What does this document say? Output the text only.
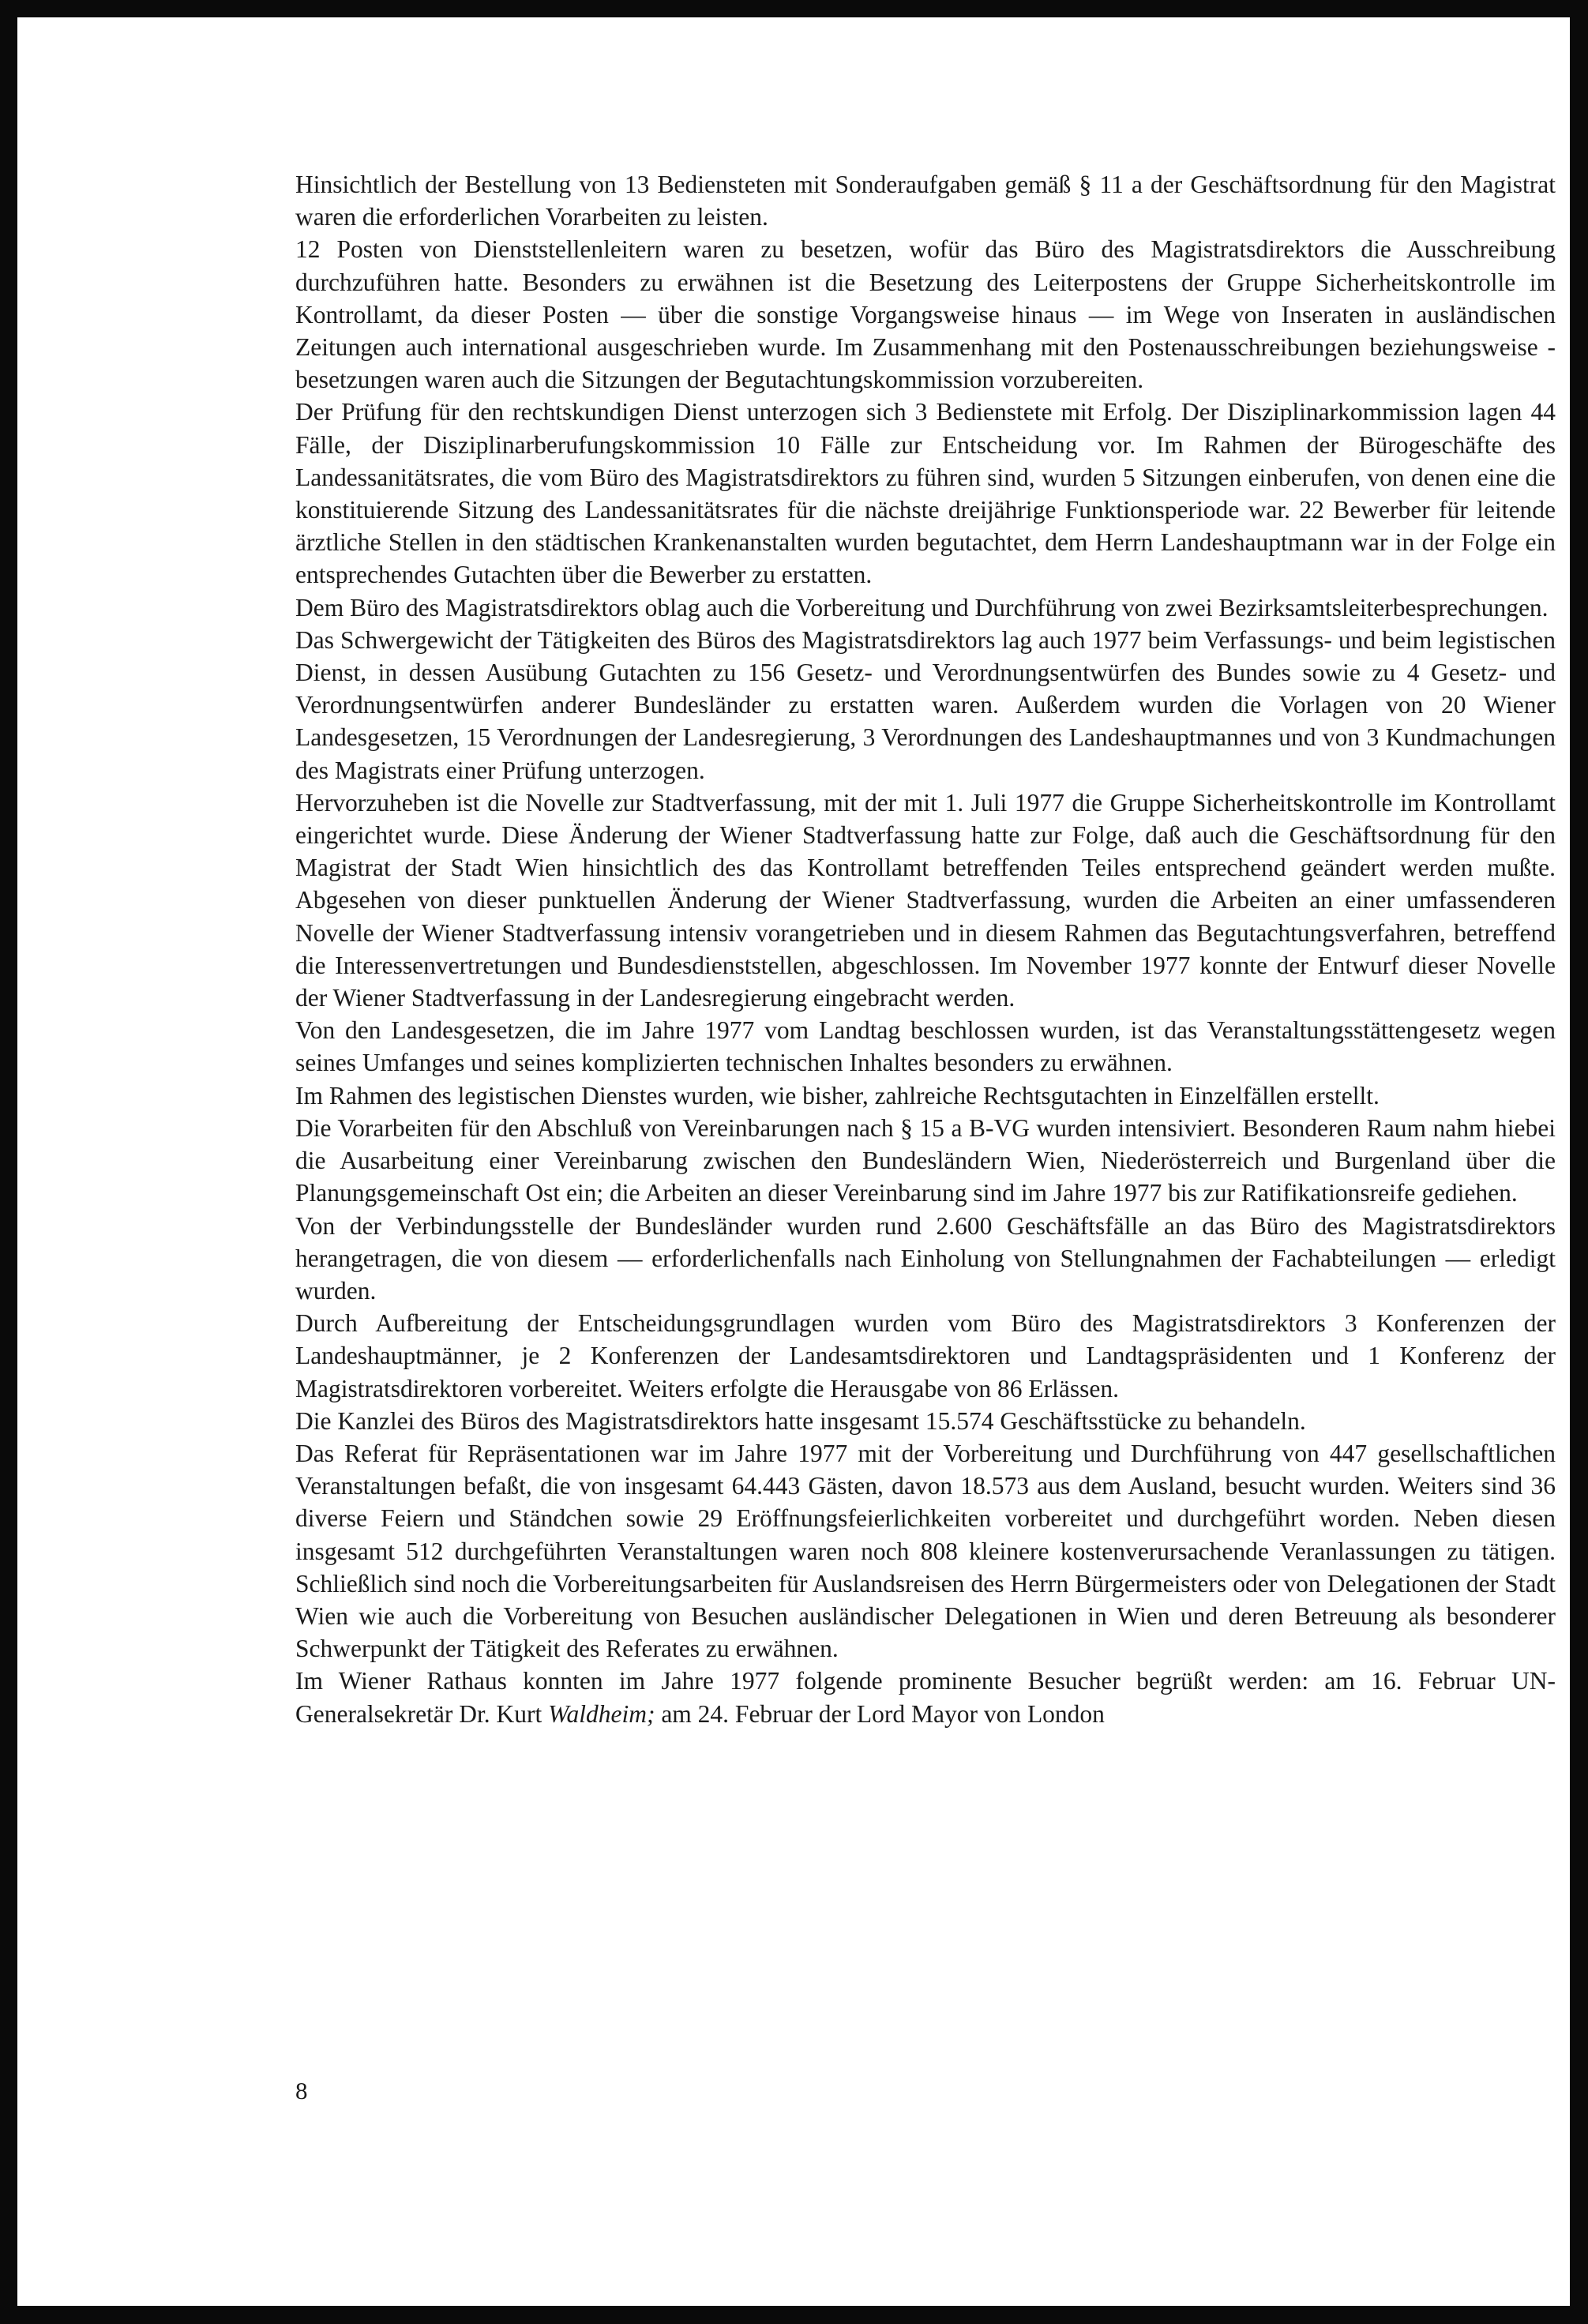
Hinsichtlich der Bestellung von 13 Bediensteten mit Sonderaufgaben gemäß § 11 a der Geschäftsordnung für den Magistrat waren die erforderlichen Vorarbeiten zu leisten.

12 Posten von Dienststellenleitern waren zu besetzen, wofür das Büro des Magistratsdirektors die Ausschreibung durchzuführen hatte. Besonders zu erwähnen ist die Besetzung des Leiterpostens der Gruppe Sicherheitskontrolle im Kontrollamt, da dieser Posten — über die sonstige Vorgangsweise hinaus — im Wege von Inseraten in ausländischen Zeitungen auch international ausgeschrieben wurde. Im Zusammenhang mit den Postenausschreibungen beziehungsweise -besetzungen waren auch die Sitzungen der Begutachtungskommission vorzubereiten.

Der Prüfung für den rechtskundigen Dienst unterzogen sich 3 Bedienstete mit Erfolg. Der Disziplinarkommission lagen 44 Fälle, der Disziplinarberufungskommission 10 Fälle zur Entscheidung vor. Im Rahmen der Bürogeschäfte des Landessanitätsrates, die vom Büro des Magistratsdirektors zu führen sind, wurden 5 Sitzungen einberufen, von denen eine die konstituierende Sitzung des Landessanitätsrates für die nächste dreijährige Funktionsperiode war. 22 Bewerber für leitende ärztliche Stellen in den städtischen Krankenanstalten wurden begutachtet, dem Herrn Landeshauptmann war in der Folge ein entsprechendes Gutachten über die Bewerber zu erstatten.

Dem Büro des Magistratsdirektors oblag auch die Vorbereitung und Durchführung von zwei Bezirksamtsleiterbesprechungen.

Das Schwergewicht der Tätigkeiten des Büros des Magistratsdirektors lag auch 1977 beim Verfassungs- und beim legistischen Dienst, in dessen Ausübung Gutachten zu 156 Gesetz- und Verordnungsentwürfen des Bundes sowie zu 4 Gesetz- und Verordnungsentwürfen anderer Bundesländer zu erstatten waren. Außerdem wurden die Vorlagen von 20 Wiener Landesgesetzen, 15 Verordnungen der Landesregierung, 3 Verordnungen des Landeshauptmannes und von 3 Kundmachungen des Magistrats einer Prüfung unterzogen.

Hervorzuheben ist die Novelle zur Stadtverfassung, mit der mit 1. Juli 1977 die Gruppe Sicherheitskontrolle im Kontrollamt eingerichtet wurde. Diese Änderung der Wiener Stadtverfassung hatte zur Folge, daß auch die Geschäftsordnung für den Magistrat der Stadt Wien hinsichtlich des das Kontrollamt betreffenden Teiles entsprechend geändert werden mußte. Abgesehen von dieser punktuellen Änderung der Wiener Stadtverfassung, wurden die Arbeiten an einer umfassenderen Novelle der Wiener Stadtverfassung intensiv vorangetrieben und in diesem Rahmen das Begutachtungsverfahren, betreffend die Interessenvertretungen und Bundesdienststellen, abgeschlossen. Im November 1977 konnte der Entwurf dieser Novelle der Wiener Stadtverfassung in der Landesregierung eingebracht werden.

Von den Landesgesetzen, die im Jahre 1977 vom Landtag beschlossen wurden, ist das Veranstaltungsstättengesetz wegen seines Umfanges und seines komplizierten technischen Inhaltes besonders zu erwähnen.

Im Rahmen des legistischen Dienstes wurden, wie bisher, zahlreiche Rechtsgutachten in Einzelfällen erstellt.

Die Vorarbeiten für den Abschluß von Vereinbarungen nach § 15 a B-VG wurden intensiviert. Besonderen Raum nahm hiebei die Ausarbeitung einer Vereinbarung zwischen den Bundesländern Wien, Niederösterreich und Burgenland über die Planungsgemeinschaft Ost ein; die Arbeiten an dieser Vereinbarung sind im Jahre 1977 bis zur Ratifikationsreife gediehen.

Von der Verbindungsstelle der Bundesländer wurden rund 2.600 Geschäftsfälle an das Büro des Magistratsdirektors herangetragen, die von diesem — erforderlichenfalls nach Einholung von Stellungnahmen der Fachabteilungen — erledigt wurden.

Durch Aufbereitung der Entscheidungsgrundlagen wurden vom Büro des Magistratsdirektors 3 Konferenzen der Landeshauptmänner, je 2 Konferenzen der Landesamtsdirektoren und Landtagspräsidenten und 1 Konferenz der Magistratsdirektoren vorbereitet. Weiters erfolgte die Herausgabe von 86 Erlässen.

Die Kanzlei des Büros des Magistratsdirektors hatte insgesamt 15.574 Geschäftsstücke zu behandeln.

Das Referat für Repräsentationen war im Jahre 1977 mit der Vorbereitung und Durchführung von 447 gesellschaftlichen Veranstaltungen befaßt, die von insgesamt 64.443 Gästen, davon 18.573 aus dem Ausland, besucht wurden. Weiters sind 36 diverse Feiern und Ständchen sowie 29 Eröffnungsfeierlichkeiten vorbereitet und durchgeführt worden. Neben diesen insgesamt 512 durchgeführten Veranstaltungen waren noch 808 kleinere kostenverursachende Veranlassungen zu tätigen. Schließlich sind noch die Vorbereitungsarbeiten für Auslandsreisen des Herrn Bürgermeisters oder von Delegationen der Stadt Wien wie auch die Vorbereitung von Besuchen ausländischer Delegationen in Wien und deren Betreuung als besonderer Schwerpunkt der Tätigkeit des Referates zu erwähnen.

Im Wiener Rathaus konnten im Jahre 1977 folgende prominente Besucher begrüßt werden: am 16. Februar UN-Generalsekretär Dr. Kurt Waldheim; am 24. Februar der Lord Mayor von London

8
